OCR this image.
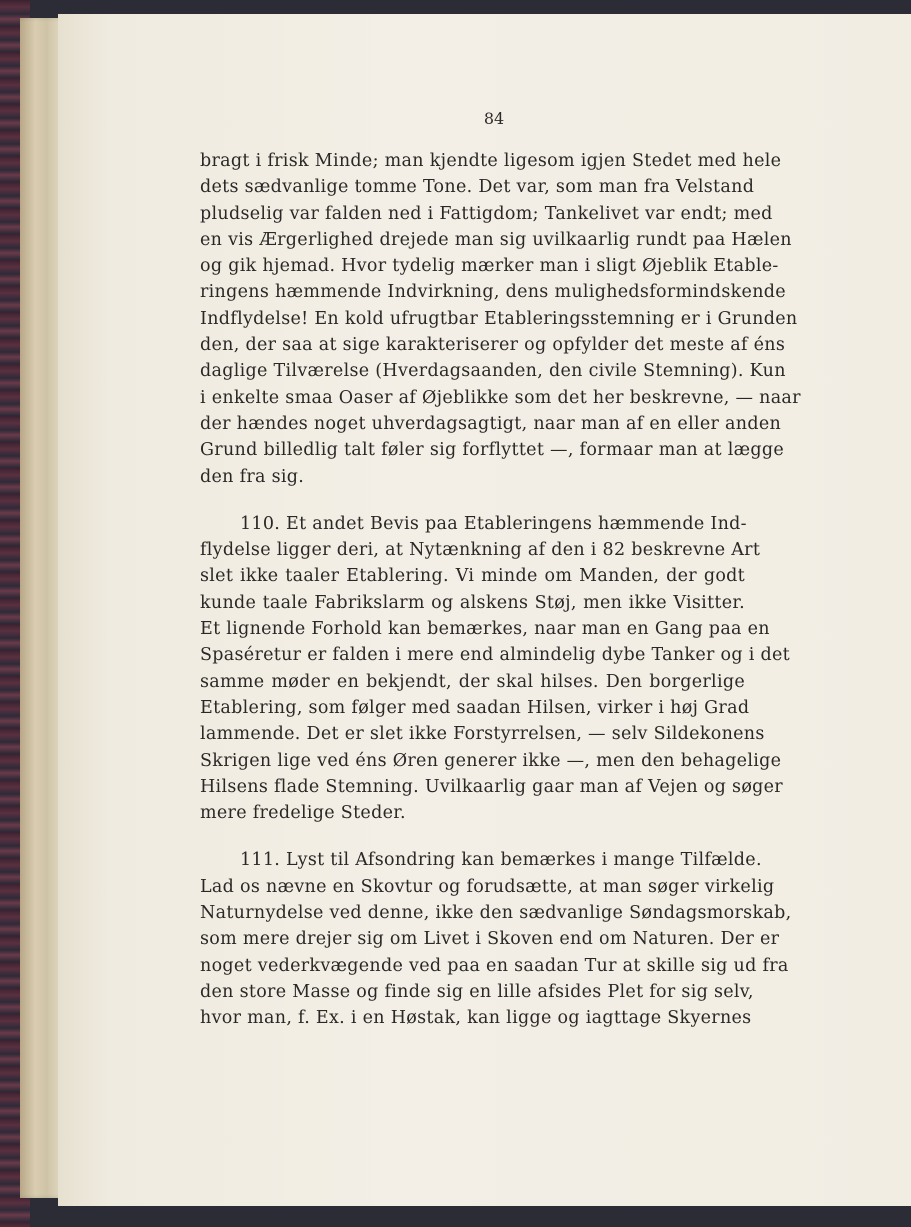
84
bragt i frisk Minde; man kjendte ligesom igjen Stedet med hele
dets sædvanlige tomme Tone. Det var, som man fra Velstand
pludselig var falden ned i Fattigdom; Tankelivet var endt; med
en vis Ærgerlighed drejede man sig uvilkaarlig rundt paa Hælen
og gik hjemad. Hvor tydelig mærker man i sligt Øjeblik Etable-
ringens hæmmende Indvirkning, dens mulighedsformindskende
Indflydelse! En kold ufrugtbar Etableringsstemning er i Grunden
den, der saa at sige karakteriserer og opfylder det meste af éns
daglige Tilværelse (Hverdagsaanden, den civile Stemning). Kun
i enkelte smaa Oaser af Øjeblikke som det her beskrevne, — naar
der hændes noget uhverdagsagtigt, naar man af en eller anden
Grund billedlig talt føler sig forflyttet —, formaar man at lægge
den fra sig.
110. Et andet Bevis paa Etableringens hæmmende Ind-
flydelse ligger deri, at Nytænkning af den i 82 beskrevne Art
slet ikke taaler Etablering. Vi minde om Manden, der godt
kunde taale Fabrikslarm og alskens Støj, men ikke Visitter.
Et lignende Forhold kan bemærkes, naar man en Gang paa en
Spaséretur er falden i mere end almindelig dybe Tanker og i det
samme møder en bekjendt, der skal hilses. Den borgerlige
Etablering, som følger med saadan Hilsen, virker i høj Grad
lammende. Det er slet ikke Forstyrrelsen, — selv Sildekonens
Skrigen lige ved éns Øren generer ikke —, men den behagelige
Hilsens flade Stemning. Uvilkaarlig gaar man af Vejen og søger
mere fredelige Steder.
111. Lyst til Afsondring kan bemærkes i mange Tilfælde.
Lad os nævne en Skovtur og forudsætte, at man søger virkelig
Naturnydelse ved denne, ikke den sædvanlige Søndagsmorskab,
som mere drejer sig om Livet i Skoven end om Naturen. Der er
noget vederkvægende ved paa en saadan Tur at skille sig ud fra
den store Masse og finde sig en lille afsides Plet for sig selv,
hvor man, f. Ex. i en Høstak, kan ligge og iagttage Skyernes
